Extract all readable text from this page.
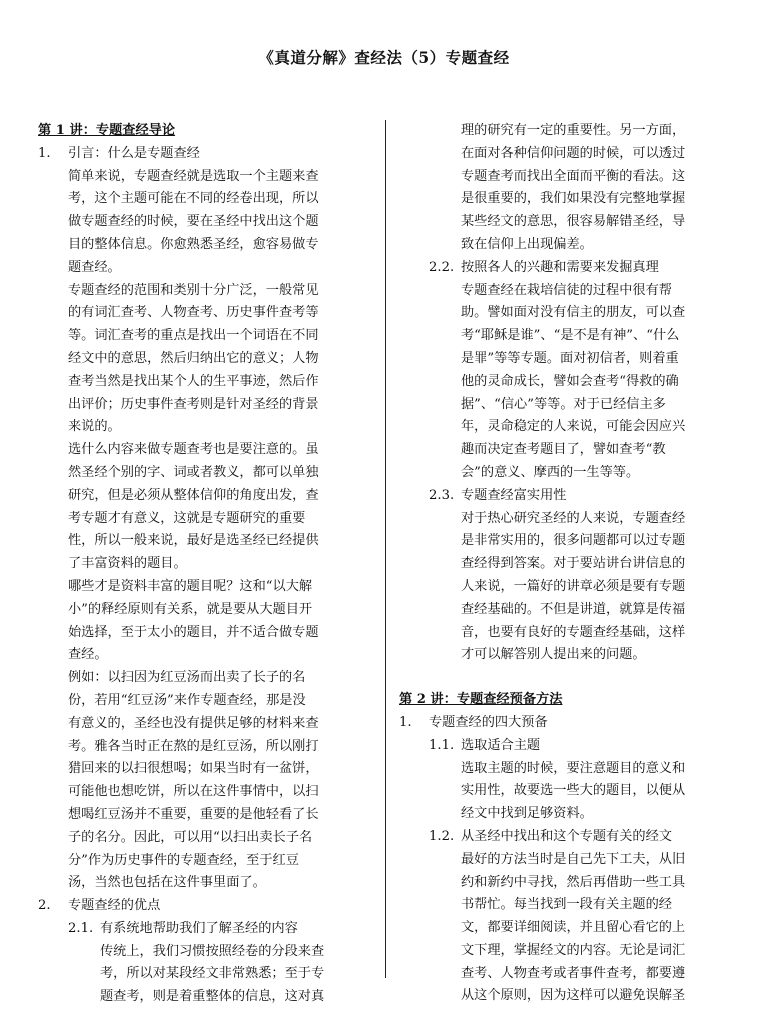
《真道分解》查经法（5）专题查经
第 1 讲：专题查经导论
1.	引言：什么是专题查经
简单来说，专题查经就是选取一个主题来查
考，这个主题可能在不同的经卷出现，所以
做专题查经的时候，要在圣经中找出这个题
目的整体信息。你愈熟悉圣经，愈容易做专
题查经。
专题查经的范围和类别十分广泛，一般常见
的有词汇查考、人物查考、历史事件查考等
等。词汇查考的重点是找出一个词语在不同
经文中的意思，然后归纳出它的意义；人物
查考当然是找出某个人的生平事迹，然后作
出评价；历史事件查考则是针对圣经的背景
来说的。
选什么内容来做专题查考也是要注意的。虽
然圣经个别的字、词或者教义，都可以单独
研究，但是必须从整体信仰的角度出发，查
考专题才有意义，这就是专题研究的重要
性，所以一般来说，最好是选圣经已经提供
了丰富资料的题目。
哪些才是资料丰富的题目呢？这和“以大解
小”的释经原则有关系，就是要从大题目开
始选择，至于太小的题目，并不适合做专题
查经。
例如：以扫因为红豆汤而出卖了长子的名
份，若用“红豆汤”来作专题查经，那是没
有意义的，圣经也没有提供足够的材料来查
考。雅各当时正在熬的是红豆汤，所以刚打
猎回来的以扫很想喝；如果当时有一盆饼，
可能他也想吃饼，所以在这件事情中，以扫
想喝红豆汤并不重要，重要的是他轻看了长
子的名分。因此，可以用“以扫出卖长子名
分”作为历史事件的专题查经，至于红豆
汤，当然也包括在这件事里面了。
2.	专题查经的优点
2.1. 有系统地帮助我们了解圣经的内容
传统上，我们习惯按照经卷的分段来查
考，所以对某段经文非常熟悉；至于专
题查考，则是着重整体的信息，这对真
理的研究有一定的重要性。另一方面，
在面对各种信仰问题的时候，可以透过
专题查考而找出全面而平衡的看法。这
是很重要的，我们如果没有完整地掌握
某些经文的意思，很容易解错圣经，导
致在信仰上出现偏差。
2.2. 按照各人的兴趣和需要来发掘真理
专题查经在栽培信徒的过程中很有帮
助。譬如面对没有信主的朋友，可以查
考“耶稣是谁”、“是不是有神”、“什么
是罪”等等专题。面对初信者，则着重
他的灵命成长，譬如会查考“得救的确
据”、“信心”等等。对于已经信主多
年，灵命稳定的人来说，可能会因应兴
趣而决定查考题目了，譬如查考“教
会”的意义、摩西的一生等等。
2.3. 专题查经富实用性
对于热心研究圣经的人来说，专题查经
是非常实用的，很多问题都可以过专题
查经得到答案。对于要站讲台讲信息的
人来说，一篇好的讲章必须是要有专题
查经基础的。不但是讲道，就算是传福
音，也要有良好的专题查经基础，这样
才可以解答别人提出来的问题。
第 2 讲：专题查经预备方法
1.	专题查经的四大预备
1.1. 选取适合主题
选取主题的时候，要注意题目的意义和
实用性，故要选一些大的题目，以便从
经文中找到足够资料。
1.2. 从圣经中找出和这个专题有关的经文
最好的方法当时是自己先下工夫，从旧
约和新约中寻找，然后再借助一些工具
书帮忙。每当找到一段有关主题的经
文，都要详细阅读，并且留心看它的上
文下理，掌握经文的内容。无论是词汇
查考、人物查考或者事件查考，都要遵
从这个原则，因为这样可以避免误解圣
